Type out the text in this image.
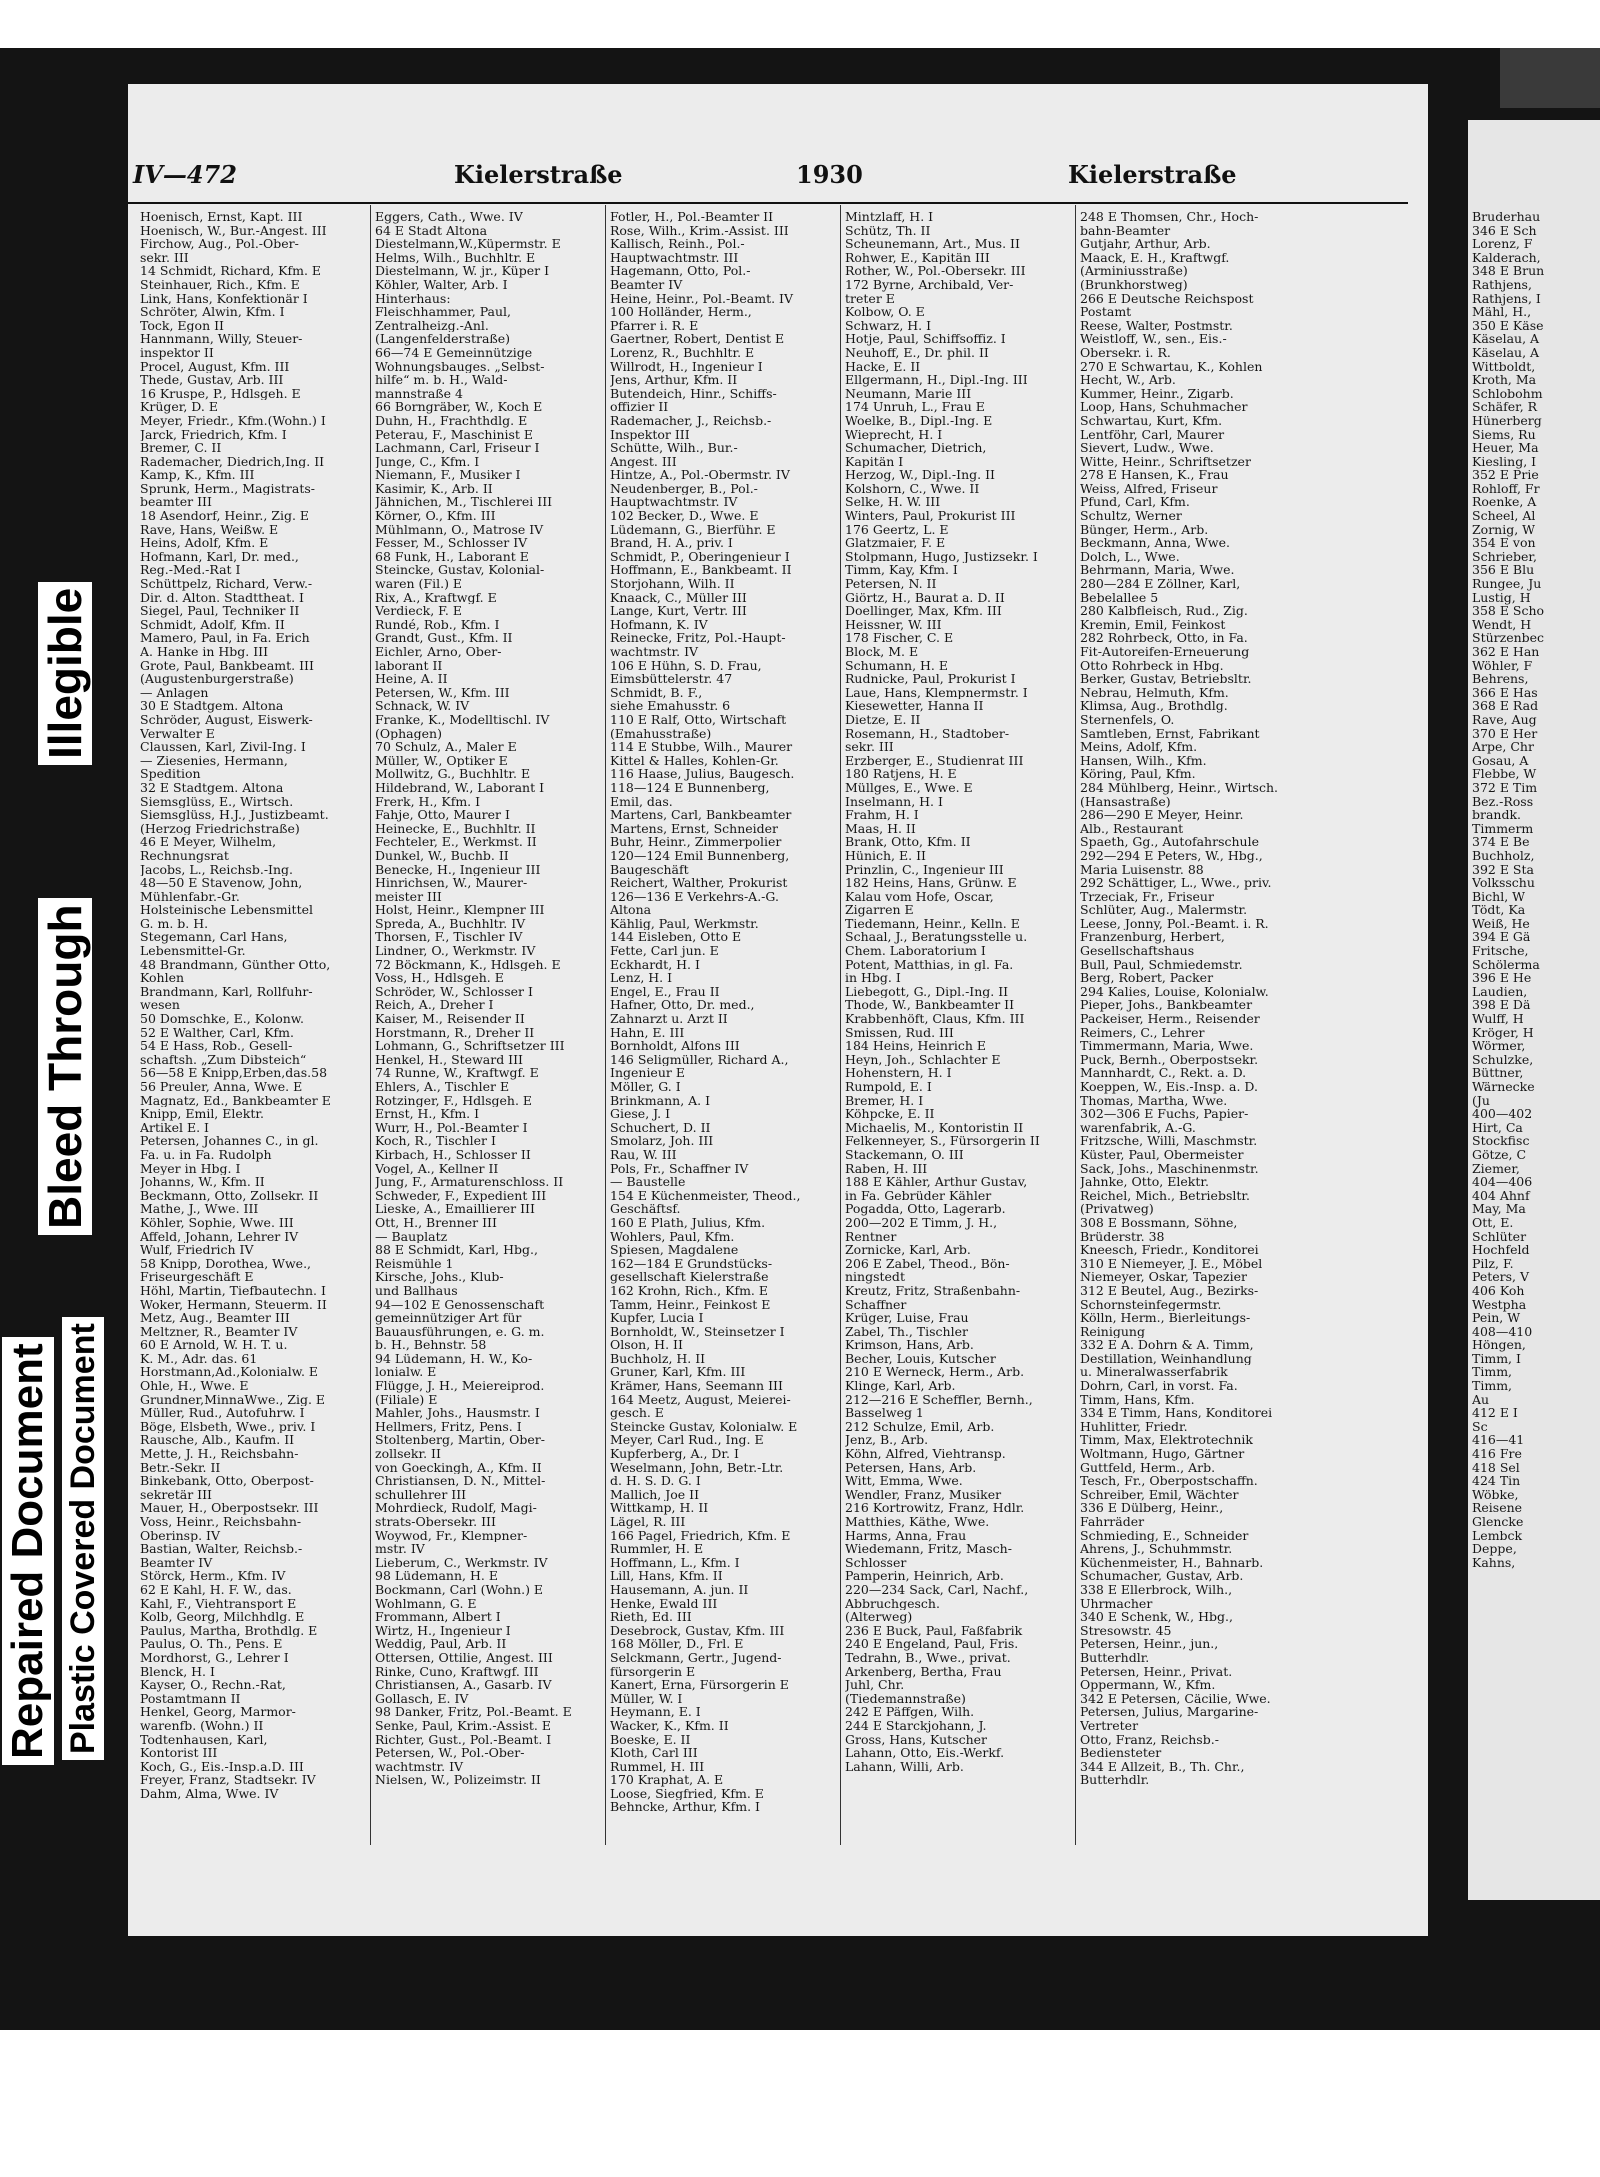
IV—472	Kielerstraße	1930	Kielerstraße
Hoenisch, Ernst, Kapt. III
Hoenisch, W., Bur.-Angest. III
Firchow, Aug., Pol.-Ober-
sekr. III
14 Schmidt, Richard, Kfm. E
Steinhauer, Rich., Kfm. E
Link, Hans, Konfektionär I
Schröter, Alwin, Kfm. I
Tock, Egon II
Hannmann, Willy, Steuer-
inspektor II
Procel, August, Kfm. III
Thede, Gustav, Arb. III
16 Kruspe, P., Hdlsgeh. E
Krüger, D. E
Meyer, Friedr., Kfm.(Wohn.) I
Jarck, Friedrich, Kfm. I
Bremer, C. II
Rademacher, Diedrich,Ing. II
Kamp, K., Kfm. III
Sprunk, Herm., Magistrats-
beamter III
18 Asendorf, Heinr., Zig. E
Rave, Hans, Weißw. E
Heins, Adolf, Kfm. E
Hofmann, Karl, Dr. med.,
Reg.-Med.-Rat I
Schüttpelz, Richard, Verw.-
Dir. d. Alton. Stadttheat. I
Siegel, Paul, Techniker II
Schmidt, Adolf, Kfm. II
Mamero, Paul, in Fa. Erich
A. Hanke in Hbg. III
Grote, Paul, Bankbeamt. III
(Augustenburgerstraße)
— Anlagen
30 E Stadtgem. Altona
Schröder, August, Eiswerk-
Verwalter E
Claussen, Karl, Zivil-Ing. I
— Ziesenies, Hermann,
Spedition
32 E Stadtgem. Altona
Siemsglüss, E., Wirtsch.
Siemsglüss, H.J., Justizbeamt.
(Herzog Friedrichstraße)
46 E Meyer, Wilhelm,
Rechnungsrat
Jacobs, L., Reichsb.-Ing.
48—50 E Stavenow, John,
Mühlenfabr.-Gr.
Holsteinische Lebensmittel
G. m. b. H.
Stegemann, Carl Hans,
Lebensmittel-Gr.
48 Brandmann, Günther Otto,
Kohlen
Brandmann, Karl, Rollfuhr-
wesen
50 Domschke, E., Kolonw.
52 E Walther, Carl, Kfm.
54 E Hass, Rob., Gesell-
schaftsh. „Zum Dibsteich“
56—58 E Knipp,Erben,das.58
56 Preuler, Anna, Wwe. E
Magnatz, Ed., Bankbeamter E
Knipp, Emil, Elektr.
Artikel E. I
Petersen, Johannes C., in gl.
Fa. u. in Fa. Rudolph
Meyer in Hbg. I
Johanns, W., Kfm. II
Beckmann, Otto, Zollsekr. II
Mathe, J., Wwe. III
Köhler, Sophie, Wwe. III
Affeld, Johann, Lehrer IV
Wulf, Friedrich IV
58 Knipp, Dorothea, Wwe.,
Friseurgeschäft E
Höhl, Martin, Tiefbautechn. I
Woker, Hermann, Steuerm. II
Metz, Aug., Beamter III
Meltzner, R., Beamter IV
60 E Arnold, W. H. T. u.
K. M., Adr. das. 61
Horstmann,Ad.,Kolonialw. E
Ohle, H., Wwe. E
Grundner,MinnaWwe., Zig. E
Müller, Rud., Autofuhrw. I
Böge, Elsbeth, Wwe., priv. I
Rausche, Alb., Kaufm. II
Mette, J. H., Reichsbahn-
Betr.-Sekr. II
Binkebank, Otto, Oberpost-
sekretär III
Mauer, H., Oberpostsekr. III
Voss, Heinr., Reichsbahn-
Oberinsp. IV
Bastian, Walter, Reichsb.-
Beamter IV
Störck, Herm., Kfm. IV
62 E Kahl, H. F. W., das.
Kahl, F., Viehtransport E
Kolb, Georg, Milchhdlg. E
Paulus, Martha, Brothdlg. E
Paulus, O. Th., Pens. E
Mordhorst, G., Lehrer I
Blenck, H. I
Kayser, O., Rechn.-Rat,
Postamtmann II
Henkel, Georg, Marmor-
warenfb. (Wohn.) II
Todtenhausen, Karl,
Kontorist III
Koch, G., Eis.-Insp.a.D. III
Freyer, Franz, Stadtsekr. IV
Dahm, Alma, Wwe. IV
Eggers, Cath., Wwe. IV
64 E Stadt Altona
Diestelmann,W.,Küpermstr. E
Helms, Wilh., Buchhltr. E
Diestelmann, W. jr., Küper I
Köhler, Walter, Arb. I
Hinterhaus:
Fleischhammer, Paul,
Zentralheizg.-Anl.
(Langenfelderstraße)
66—74 E Gemeinnützige
Wohnungsbauges. „Selbst-
hilfe“ m. b. H., Wald-
mannstraße 4
66 Borngräber, W., Koch E
Duhn, H., Frachthdlg. E
Peterau, F., Maschinist E
Lachmann, Carl, Friseur I
Junge, C., Kfm. I
Niemann, F., Musiker I
Kasimir, K., Arb. II
Jähnichen, M., Tischlerei III
Körner, O., Kfm. III
Mühlmann, O., Matrose IV
Fesser, M., Schlosser IV
68 Funk, H., Laborant E
Steincke, Gustav, Kolonial-
waren (Fil.) E
Rix, A., Kraftwgf. E
Verdieck, F. E
Rundé, Rob., Kfm. I
Grandt, Gust., Kfm. II
Eichler, Arno, Ober-
laborant II
Heine, A. II
Petersen, W., Kfm. III
Schnack, W. IV
Franke, K., Modelltischl. IV
(Ophagen)
70 Schulz, A., Maler E
Müller, W., Optiker E
Mollwitz, G., Buchhltr. E
Hildebrand, W., Laborant I
Frerk, H., Kfm. I
Fahje, Otto, Maurer I
Heinecke, E., Buchhltr. II
Fechteler, E., Werkmst. II
Dunkel, W., Buchb. II
Benecke, H., Ingenieur III
Hinrichsen, W., Maurer-
meister III
Holst, Heinr., Klempner III
Spreda, A., Buchhltr. IV
Thorsen, F., Tischler IV
Lindner, O., Werkmstr. IV
72 Böckmann, K., Hdlsgeh. E
Voss, H., Hdlsgeh. E
Schröder, W., Schlosser I
Reich, A., Dreher I
Kaiser, M., Reisender II
Horstmann, R., Dreher II
Lohmann, G., Schriftsetzer III
Henkel, H., Steward III
74 Runne, W., Kraftwgf. E
Ehlers, A., Tischler E
Rotzinger, F., Hdlsgeh. E
Ernst, H., Kfm. I
Wurr, H., Pol.-Beamter I
Koch, R., Tischler I
Kirbach, H., Schlosser II
Vogel, A., Kellner II
Jung, F., Armaturenschloss. II
Schweder, F., Expedient III
Lieske, A., Emaillierer III
Ott, H., Brenner III
— Bauplatz
88 E Schmidt, Karl, Hbg.,
Reismühle 1
Kirsche, Johs., Klub-
und Ballhaus
94—102 E Genossenschaft
gemeinnütziger Art für
Bauausführungen, e. G. m.
b. H., Behnstr. 58
94 Lüdemann, H. W., Ko-
lonialw. E
Flügge, J. H., Meiereiprod.
(Filiale) E
Mahler, Johs., Hausmstr. I
Hellmers, Fritz, Pens. I
Stoltenberg, Martin, Ober-
zollsekr. II
von Goeckingh, A., Kfm. II
Christiansen, D. N., Mittel-
schullehrer III
Mohrdieck, Rudolf, Magi-
strats-Obersekr. III
Woywod, Fr., Klempner-
mstr. IV
Lieberum, C., Werkmstr. IV
98 Lüdemann, H. E
Bockmann, Carl (Wohn.) E
Wohlmann, G. E
Frommann, Albert I
Wirtz, H., Ingenieur I
Weddig, Paul, Arb. II
Ottersen, Ottilie, Angest. III
Rinke, Cuno, Kraftwgf. III
Christiansen, A., Gasarb. IV
Gollasch, E. IV
98 Danker, Fritz, Pol.-Beamt. E
Senke, Paul, Krim.-Assist. E
Richter, Gust., Pol.-Beamt. I
Petersen, W., Pol.-Ober-
wachtmstr. IV
Nielsen, W., Polizeimstr. II
Fotler, H., Pol.-Beamter II
Rose, Wilh., Krim.-Assist. III
Kallisch, Reinh., Pol.-
Hauptwachtmstr. III
Hagemann, Otto, Pol.-
Beamter IV
Heine, Heinr., Pol.-Beamt. IV
100 Holländer, Herm.,
Pfarrer i. R. E
Gaertner, Robert, Dentist E
Lorenz, R., Buchhltr. E
Willrodt, H., Ingenieur I
Jens, Arthur, Kfm. II
Butendeich, Hinr., Schiffs-
offizier II
Rademacher, J., Reichsb.-
Inspektor III
Schütte, Wilh., Bur.-
Angest. III
Hintze, A., Pol.-Obermstr. IV
Neudenberger, B., Pol.-
Hauptwachtmstr. IV
102 Becker, D., Wwe. E
Lüdemann, G., Bierführ. E
Brand, H. A., priv. I
Schmidt, P., Oberingenieur I
Hoffmann, E., Bankbeamt. II
Storjohann, Wilh. II
Knaack, C., Müller III
Lange, Kurt, Vertr. III
Hofmann, K. IV
Reinecke, Fritz, Pol.-Haupt-
wachtmstr. IV
106 E Hühn, S. D. Frau,
Eimsbüttelerstr. 47
Schmidt, B. F.,
siehe Emahusstr. 6
110 E Ralf, Otto, Wirtschaft
(Emahusstraße)
114 E Stubbe, Wilh., Maurer
Kittel & Halles, Kohlen-Gr.
116 Haase, Julius, Baugesch.
118—124 E Bunnenberg,
Emil, das.
Martens, Carl, Bankbeamter
Martens, Ernst, Schneider
Buhr, Heinr., Zimmerpolier
120—124 Emil Bunnenberg,
Baugeschäft
Reichert, Walther, Prokurist
126—136 E Verkehrs-A.-G.
Altona
Kählig, Paul, Werkmstr.
144 Eisleben, Otto E
Fette, Carl jun. E
Eckhardt, H. I
Lenz, H. I
Engel, E., Frau II
Hafner, Otto, Dr. med.,
Zahnarzt u. Arzt II
Hahn, E. III
Bornholdt, Alfons III
146 Seligmüller, Richard A.,
Ingenieur E
Möller, G. I
Brinkmann, A. I
Giese, J. I
Schuchert, D. II
Smolarz, Joh. III
Rau, W. III
Pols, Fr., Schaffner IV
— Baustelle
154 E Küchenmeister, Theod.,
Geschäftsf.
160 E Plath, Julius, Kfm.
Wohlers, Paul, Kfm.
Spiesen, Magdalene
162—184 E Grundstücks-
gesellschaft Kielerstraße
162 Krohn, Rich., Kfm. E
Tamm, Heinr., Feinkost E
Kupfer, Lucia I
Bornholdt, W., Steinsetzer I
Olson, H. II
Buchholz, H. II
Gruner, Karl, Kfm. III
Krämer, Hans, Seemann III
164 Meetz, August, Meierei-
gesch. E
Steincke Gustav, Kolonialw. E
Meyer, Carl Rud., Ing. E
Kupferberg, A., Dr. I
Weselmann, John, Betr.-Ltr.
d. H. S. D. G. I
Mallich, Joe II
Wittkamp, H. II
Lägel, R. III
166 Pagel, Friedrich, Kfm. E
Rummler, H. E
Hoffmann, L., Kfm. I
Lill, Hans, Kfm. II
Hausemann, A. jun. II
Henke, Ewald III
Rieth, Ed. III
Desebrock, Gustav, Kfm. III
168 Möller, D., Frl. E
Selckmann, Gertr., Jugend-
fürsorgerin E
Kanert, Erna, Fürsorgerin E
Müller, W. I
Heymann, E. I
Wacker, K., Kfm. II
Boeske, E. II
Kloth, Carl III
Rummel, H. III
170 Kraphat, A. E
Loose, Siegfried, Kfm. E
Behncke, Arthur, Kfm. I
Mintzlaff, H. I
Schütz, Th. II
Scheunemann, Art., Mus. II
Rohwer, E., Kapitän III
Rother, W., Pol.-Obersekr. III
172 Byrne, Archibald, Ver-
treter E
Kolbow, O. E
Schwarz, H. I
Hotje, Paul, Schiffsoffiz. I
Neuhoff, E., Dr. phil. II
Hacke, E. II
Ellgermann, H., Dipl.-Ing. III
Neumann, Marie III
174 Unruh, L., Frau E
Woelke, B., Dipl.-Ing. E
Wieprecht, H. I
Schumacher, Dietrich,
Kapitän I
Herzog, W., Dipl.-Ing. II
Kolshorn, C., Wwe. II
Selke, H. W. III
Winters, Paul, Prokurist III
176 Geertz, L. E
Glatzmaier, F. E
Stolpmann, Hugo, Justizsekr. I
Timm, Kay, Kfm. I
Petersen, N. II
Giörtz, H., Baurat a. D. II
Doellinger, Max, Kfm. III
Heissner, W. III
178 Fischer, C. E
Block, M. E
Schumann, H. E
Rudnicke, Paul, Prokurist I
Laue, Hans, Klempnermstr. I
Kiesewetter, Hanna II
Dietze, E. II
Rosemann, H., Stadtober-
sekr. III
Erzberger, E., Studienrat III
180 Ratjens, H. E
Müllges, E., Wwe. E
Inselmann, H. I
Frahm, H. I
Maas, H. II
Brank, Otto, Kfm. II
Hünich, E. II
Prinzlin, C., Ingenieur III
182 Heins, Hans, Grünw. E
Kalau vom Hofe, Oscar,
Zigarren E
Tiedemann, Heinr., Kelln. E
Schaal, J., Beratungsstelle u.
Chem. Laboratorium I
Potent, Matthias, in gl. Fa.
in Hbg. I
Liebegott, G., Dipl.-Ing. II
Thode, W., Bankbeamter II
Krabbenhöft, Claus, Kfm. III
Smissen, Rud. III
184 Heins, Heinrich E
Heyn, Joh., Schlachter E
Hohenstern, H. I
Rumpold, E. I
Bremer, H. I
Köhpcke, E. II
Michaelis, M., Kontoristin II
Felkenneyer, S., Fürsorgerin II
Stackemann, O. III
Raben, H. III
188 E Kähler, Arthur Gustav,
in Fa. Gebrüder Kähler
Pogadda, Otto, Lagerarb.
200—202 E Timm, J. H.,
Rentner
Zornicke, Karl, Arb.
206 E Zabel, Theod., Bön-
ningstedt
Kreutz, Fritz, Straßenbahn-
Schaffner
Krüger, Luise, Frau
Zabel, Th., Tischler
Krimson, Hans, Arb.
Becher, Louis, Kutscher
210 E Werneck, Herm., Arb.
Klinge, Karl, Arb.
212—216 E Scheffler, Bernh.,
Basselweg 1
212 Schulze, Emil, Arb.
Jenz, B., Arb.
Köhn, Alfred, Viehtransp.
Petersen, Hans, Arb.
Witt, Emma, Wwe.
Wendler, Franz, Musiker
216 Kortrowitz, Franz, Hdlr.
Matthies, Käthe, Wwe.
Harms, Anna, Frau
Wiedemann, Fritz, Masch-
Schlosser
Pamperin, Heinrich, Arb.
220—234 Sack, Carl, Nachf.,
Abbruchgesch.
(Alterweg)
236 E Buck, Paul, Faßfabrik
240 E Engeland, Paul, Fris.
Tedrahn, B., Wwe., privat.
Arkenberg, Bertha, Frau
Juhl, Chr.
(Tiedemannstraße)
242 E Päffgen, Wilh.
244 E Starckjohann, J.
Gross, Hans, Kutscher
Lahann, Otto, Eis.-Werkf.
Lahann, Willi, Arb.
248 E Thomsen, Chr., Hoch-
bahn-Beamter
Gutjahr, Arthur, Arb.
Maack, E. H., Kraftwgf.
(Arminiusstraße)
(Brunkhorstweg)
266 E Deutsche Reichspost
Postamt
Reese, Walter, Postmstr.
Weistloff, W., sen., Eis.-
Obersekr. i. R.
270 E Schwartau, K., Kohlen
Hecht, W., Arb.
Kummer, Heinr., Zigarb.
Loop, Hans, Schuhmacher
Schwartau, Kurt, Kfm.
Lentföhr, Carl, Maurer
Sievert, Ludw., Wwe.
Witte, Heinr., Schriftsetzer
278 E Hansen, K., Frau
Weiss, Alfred, Friseur
Pfund, Carl, Kfm.
Schultz, Werner
Bünger, Herm., Arb.
Beckmann, Anna, Wwe.
Dolch, L., Wwe.
Behrmann, Maria, Wwe.
280—284 E Zöllner, Karl,
Bebelallee 5
280 Kalbfleisch, Rud., Zig.
Kremin, Emil, Feinkost
282 Rohrbeck, Otto, in Fa.
Fit-Autoreifen-Erneuerung
Otto Rohrbeck in Hbg.
Berker, Gustav, Betriebsltr.
Nebrau, Helmuth, Kfm.
Klimsa, Aug., Brothdlg.
Sternenfels, O.
Samtleben, Ernst, Fabrikant
Meins, Adolf, Kfm.
Hansen, Wilh., Kfm.
Köring, Paul, Kfm.
284 Mühlberg, Heinr., Wirtsch.
(Hansastraße)
286—290 E Meyer, Heinr.
Alb., Restaurant
Spaeth, Gg., Autofahrschule
292—294 E Peters, W., Hbg.,
Maria Luisenstr. 88
292 Schättiger, L., Wwe., priv.
Trzeciak, Fr., Friseur
Schlüter, Aug., Malermstr.
Leese, Jonny, Pol.-Beamt. i. R.
Franzenburg, Herbert,
Gesellschaftshaus
Bull, Paul, Schmiedemstr.
Berg, Robert, Packer
294 Kalies, Louise, Kolonialw.
Pieper, Johs., Bankbeamter
Packeiser, Herm., Reisender
Reimers, C., Lehrer
Timmermann, Maria, Wwe.
Puck, Bernh., Oberpostsekr.
Mannhardt, C., Rekt. a. D.
Koeppen, W., Eis.-Insp. a. D.
Thomas, Martha, Wwe.
302—306 E Fuchs, Papier-
warenfabrik, A.-G.
Fritzsche, Willi, Maschmstr.
Küster, Paul, Obermeister
Sack, Johs., Maschinenmstr.
Jahnke, Otto, Elektr.
Reichel, Mich., Betriebsltr.
(Privatweg)
308 E Bossmann, Söhne,
Brüderstr. 38
Kneesch, Friedr., Konditorei
310 E Niemeyer, J. E., Möbel
Niemeyer, Oskar, Tapezier
312 E Beutel, Aug., Bezirks-
Schornsteinfegermstr.
Kölln, Herm., Bierleitungs-
Reinigung
332 E A. Dohrn & A. Timm,
Destillation, Weinhandlung
u. Mineralwasserfabrik
Dohrn, Carl, in vorst. Fa.
Timm, Hans, Kfm.
334 E Timm, Hans, Konditorei
Huhlitter, Friedr.
Timm, Max, Elektrotechnik
Woltmann, Hugo, Gärtner
Guttfeld, Herm., Arb.
Tesch, Fr., Oberpostschaffn.
Schreiber, Emil, Wächter
336 E Dülberg, Heinr.,
Fahrräder
Schmieding, E., Schneider
Ahrens, J., Schuhmmstr.
Küchenmeister, H., Bahnarb.
Schumacher, Gustav, Arb.
338 E Ellerbrock, Wilh.,
Uhrmacher
340 E Schenk, W., Hbg.,
Stresowstr. 45
Petersen, Heinr., jun.,
Butterhdlr.
Petersen, Heinr., Privat.
Oppermann, W., Kfm.
342 E Petersen, Cäcilie, Wwe.
Petersen, Julius, Margarine-
Vertreter
Otto, Franz, Reichsb.-
Bediensteter
344 E Allzeit, B., Th. Chr.,
Butterhdlr.
Bruderhau
346 E Sch
Lorenz, F
Kalderach,
348 E Brun
Rathjens,
Rathjens, I
Mähl, H.,
350 E Käse
Käselau, A
Käselau, A
Wittboldt,
Kroth, Ma
Schlobohm
Schäfer, R
Hünerberg
Siems, Ru
Heuer, Ma
Kiesling, I
352 E Prie
Rohloff, Fr
Roenke, A
Scheel, Al
Zornig, W
354 E von
Schrieber,
356 E Blu
Rungee, Ju
Lustig, H
358 E Scho
Wendt, H
Stürzenbec
362 E Han
Wöhler, F
Behrens,
366 E Has
368 E Rad
Rave, Aug
370 E Her
Arpe, Chr
Gosau, A
Flebbe, W
372 E Tim
Bez.-Ross
brandk.
Timmerm
374 E Be
Buchholz,
392 E Sta
Volksschu
Bichl, W
Tödt, Ka
Weiß, He
394 E Gä
Fritsche,
Schölerma
396 E He
Laudien,
398 E Dä
Wulff, H
Kröger, H
Wörmer,
Schulzke,
Büttner,
Wärnecke
(Ju
400—402
Hirt, Ca
Stockfisc
Götze, C
Ziemer,
404—406
404 Ahnf
May, Ma
Ott, E.
Schlüter
Hochfeld
Pilz, F.
Peters, V
406 Koh
Westpha
Pein, W
408—410
Höngen,
Timm, I
Timm,
Timm,
Au
412 E I
Sc
416—41
416 Fre
418 Sel
424 Tin
Wöbke,
Reisene
Glencke
Lembck
Deppe,
Kahns,
Repaired Document Plastic Covered Document
Bleed Through
Illegible
